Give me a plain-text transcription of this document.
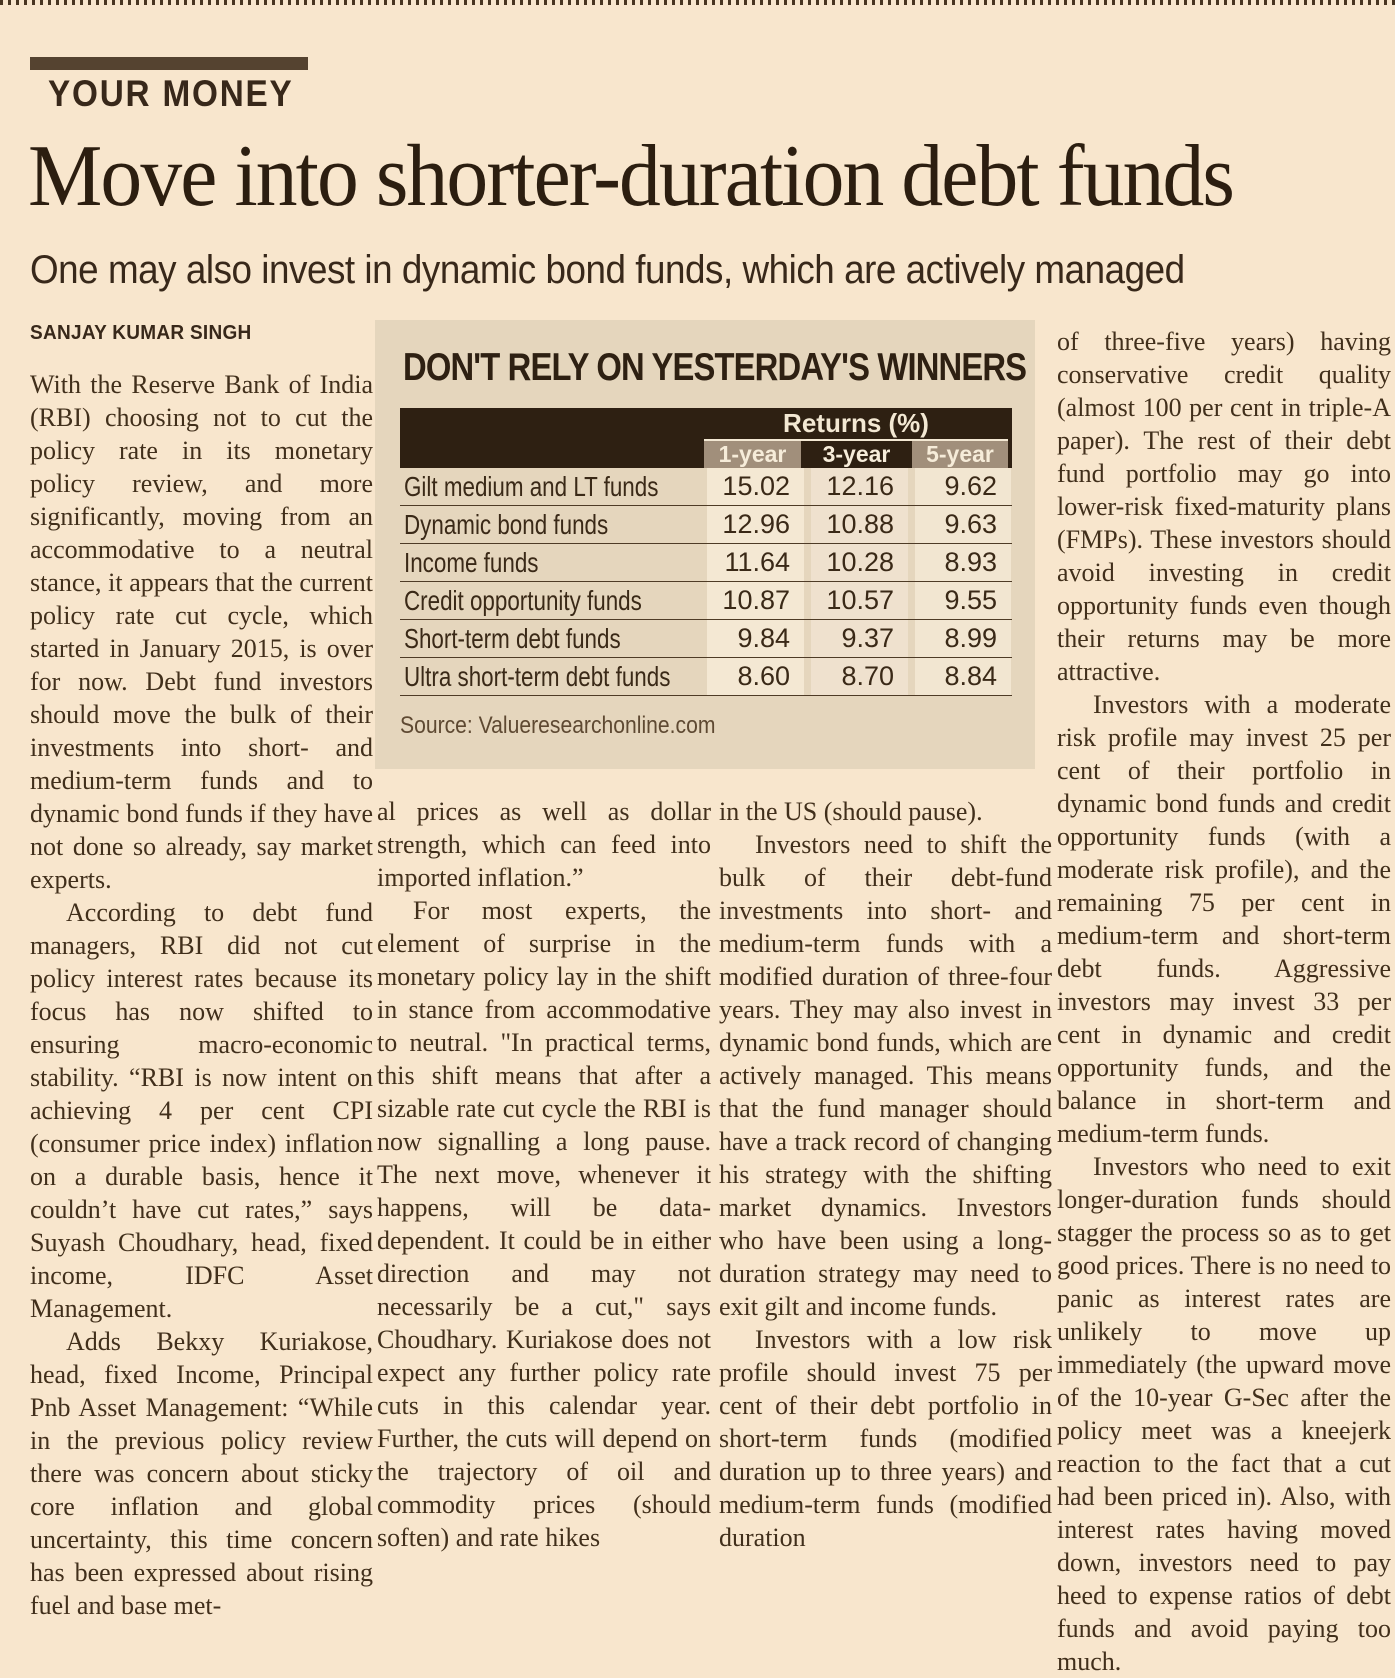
YOUR MONEY
Move into shorter-duration debt funds
One may also invest in dynamic bond funds, which are actively managed
SANJAY KUMAR SINGH

With the Reserve Bank of India (RBI) choosing not to cut the policy rate in its monetary policy review, and more significantly, moving from an accommodative to a neutral stance, it appears that the current policy rate cut cycle, which started in January 2015, is over for now. Debt fund investors should move the bulk of their investments into short- and medium-term funds and to dynamic bond funds if they have not done so already, say market experts.

According to debt fund managers, RBI did not cut policy interest rates because its focus has now shifted to ensuring macro-economic stability. “RBI is now intent on achieving 4 per cent CPI (consumer price index) inflation on a durable basis, hence it couldn’t have cut rates,” says Suyash Choudhary, head, fixed income, IDFC Asset Management.

Adds Bekxy Kuriakose, head, fixed Income, Principal Pnb Asset Management: “While in the previous policy review there was concern about sticky core inflation and global uncertainty, this time concern has been expressed about rising fuel and base met-

al prices as well as dollar strength, which can feed into imported inflation.”

For most experts, the element of surprise in the monetary policy lay in the shift in stance from accommodative to neutral. "In practical terms, this shift means that after a sizable rate cut cycle the RBI is now signalling a long pause. The next move, whenever it happens, will be data-dependent. It could be in either direction and may not necessarily be a cut," says Choudhary. Kuriakose does not expect any further policy rate cuts in this calendar year. Further, the cuts will depend on the trajectory of oil and commodity prices (should soften) and rate hikes

in the US (should pause).

Investors need to shift the bulk of their debt-fund investments into short- and medium-term funds with a modified duration of three-four years. They may also invest in dynamic bond funds, which are actively managed. This means that the fund manager should have a track record of changing his strategy with the shifting market dynamics. Investors who have been using a long-duration strategy may need to exit gilt and income funds.

Investors with a low risk profile should invest 75 per cent of their debt portfolio in short-term funds (modified duration up to three years) and medium-term funds (modified duration

of three-five years) having conservative credit quality (almost 100 per cent in triple-A paper). The rest of their debt fund portfolio may go into lower-risk fixed-maturity plans (FMPs). These investors should avoid investing in credit opportunity funds even though their returns may be more attractive.

Investors with a moderate risk profile may invest 25 per cent of their portfolio in dynamic bond funds and credit opportunity funds (with a moderate risk profile), and the remaining 75 per cent in medium-term and short-term debt funds. Aggressive investors may invest 33 per cent in dynamic and credit opportunity funds, and the balance in short-term and medium-term funds.

Investors who need to exit longer-duration funds should stagger the process so as to get good prices. There is no need to panic as interest rates are unlikely to move up immediately (the upward move of the 10-year G-Sec after the policy meet was a kneejerk reaction to the fact that a cut had been priced in). Also, with interest rates having moved down, investors need to pay heed to expense ratios of debt funds and avoid paying too much.

DON'T RELY ON YESTERDAY'S WINNERS
Returns (%)
1-year	3-year	5-year
Gilt medium and LT funds	15.02	12.16	9.62
Dynamic bond funds	12.96	10.88	9.63
Income funds	11.64	10.28	8.93
Credit opportunity funds	10.87	10.57	9.55
Short-term debt funds	9.84	9.37	8.99
Ultra short-term debt funds	8.60	8.70	8.84
Source: Valueresearchonline.com
